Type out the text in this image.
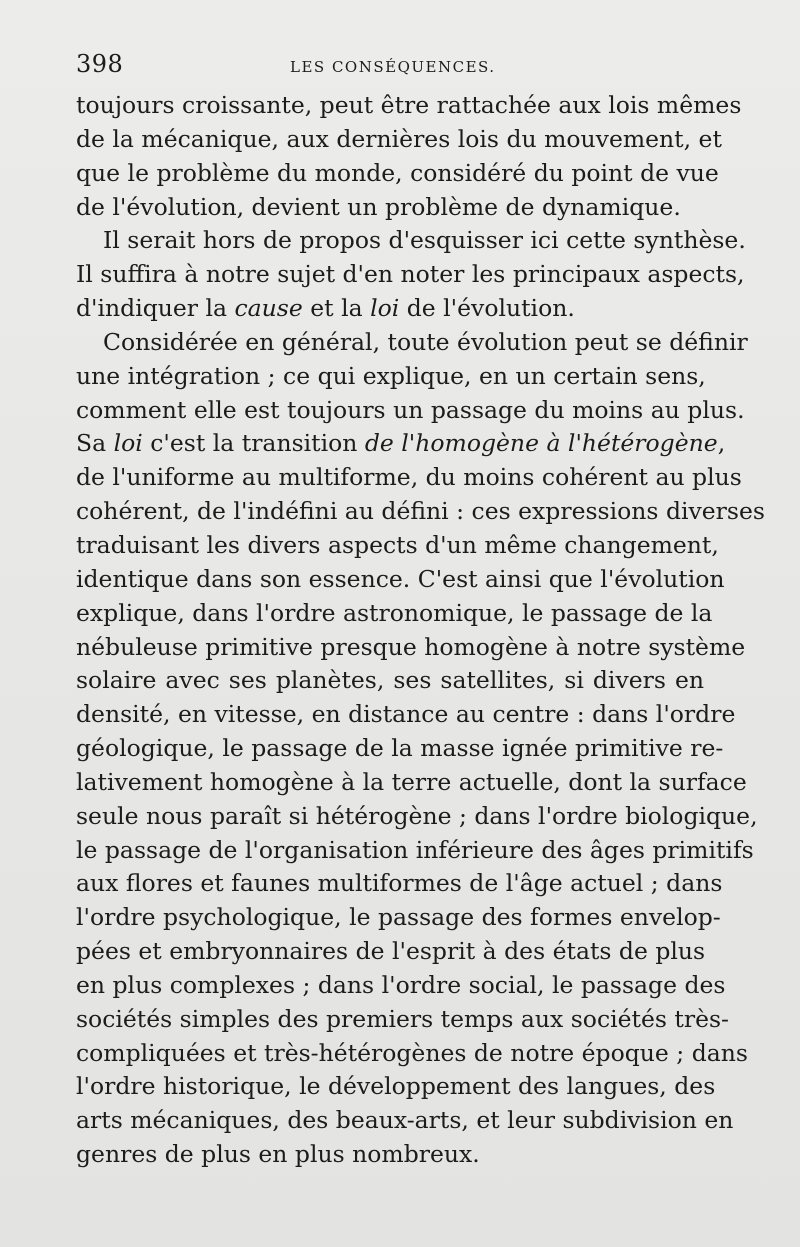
398	LES CONSÉQUENCES.

toujours croissante, peut être rattachée aux lois mêmes
de la mécanique, aux dernières lois du mouvement, et
que le problème du monde, considéré du point de vue
de l'évolution, devient un problème de dynamique.

Il serait hors de propos d'esquisser ici cette synthèse.
Il suffira à notre sujet d'en noter les principaux aspects,
d'indiquer la cause et la loi de l'évolution.

Considérée en général, toute évolution peut se définir
une intégration ; ce qui explique, en un certain sens,
comment elle est toujours un passage du moins au plus.
Sa loi c'est la transition de l'homogène à l'hétérogène,
de l'uniforme au multiforme, du moins cohérent au plus
cohérent, de l'indéfini au défini : ces expressions diverses
traduisant les divers aspects d'un même changement,
identique dans son essence. C'est ainsi que l'évolution
explique, dans l'ordre astronomique, le passage de la
nébuleuse primitive presque homogène à notre système
solaire avec ses planètes, ses satellites, si divers en
densité, en vitesse, en distance au centre : dans l'ordre
géologique, le passage de la masse ignée primitive re-
lativement homogène à la terre actuelle, dont la surface
seule nous paraît si hétérogène ; dans l'ordre biologique,
le passage de l'organisation inférieure des âges primitifs
aux flores et faunes multiformes de l'âge actuel ; dans
l'ordre psychologique, le passage des formes envelop-
pées et embryonnaires de l'esprit à des états de plus
en plus complexes ; dans l'ordre social, le passage des
sociétés simples des premiers temps aux sociétés très-
compliquées et très-hétérogènes de notre époque ; dans
l'ordre historique, le développement des langues, des
arts mécaniques, des beaux-arts, et leur subdivision en
genres de plus en plus nombreux.
